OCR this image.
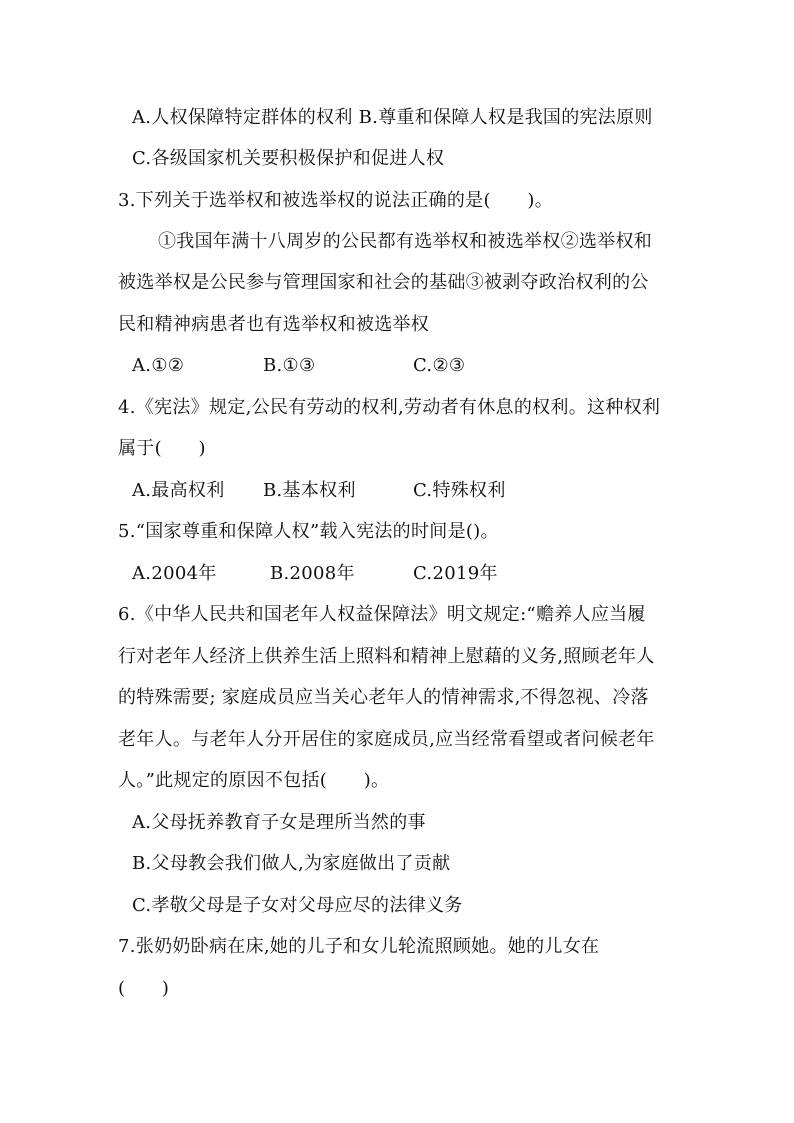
A.人权保障特定群体的权利 B.尊重和保障人权是我国的宪法原则
C.各级国家机关要积极保护和促进人权
3.下列关于选举权和被选举权的说法正确的是(　　)。
①我国年满十八周岁的公民都有选举权和被选举权②选举权和
被选举权是公民参与管理国家和社会的基础③被剥夺政治权利的公
民和精神病患者也有选举权和被选举权
A.①②	B.①③	C.②③
4.《宪法》规定,公民有劳动的权利,劳动者有休息的权利。这种权利
属于(　　)
A.最高权利 B.基本权利	C.特殊权利
5.“国家尊重和保障人权”载入宪法的时间是()。
A.2004年	B.2008年	C.2019年
6.《中华人民共和国老年人权益保障法》明文规定:“赡养人应当履
行对老年人经济上供养生活上照料和精神上慰藉的义务,照顾老年人
的特殊需要; 家庭成员应当关心老年人的情神需求,不得忽视、冷落
老年人。与老年人分开居住的家庭成员,应当经常看望或者问候老年
人。”此规定的原因不包括(　　)。
A.父母抚养教育子女是理所当然的事
B.父母教会我们做人,为家庭做出了贡献
C.孝敬父母是子女对父母应尽的法律义务
7.张奶奶卧病在床,她的儿子和女儿轮流照顾她。她的儿女在
(　　)
